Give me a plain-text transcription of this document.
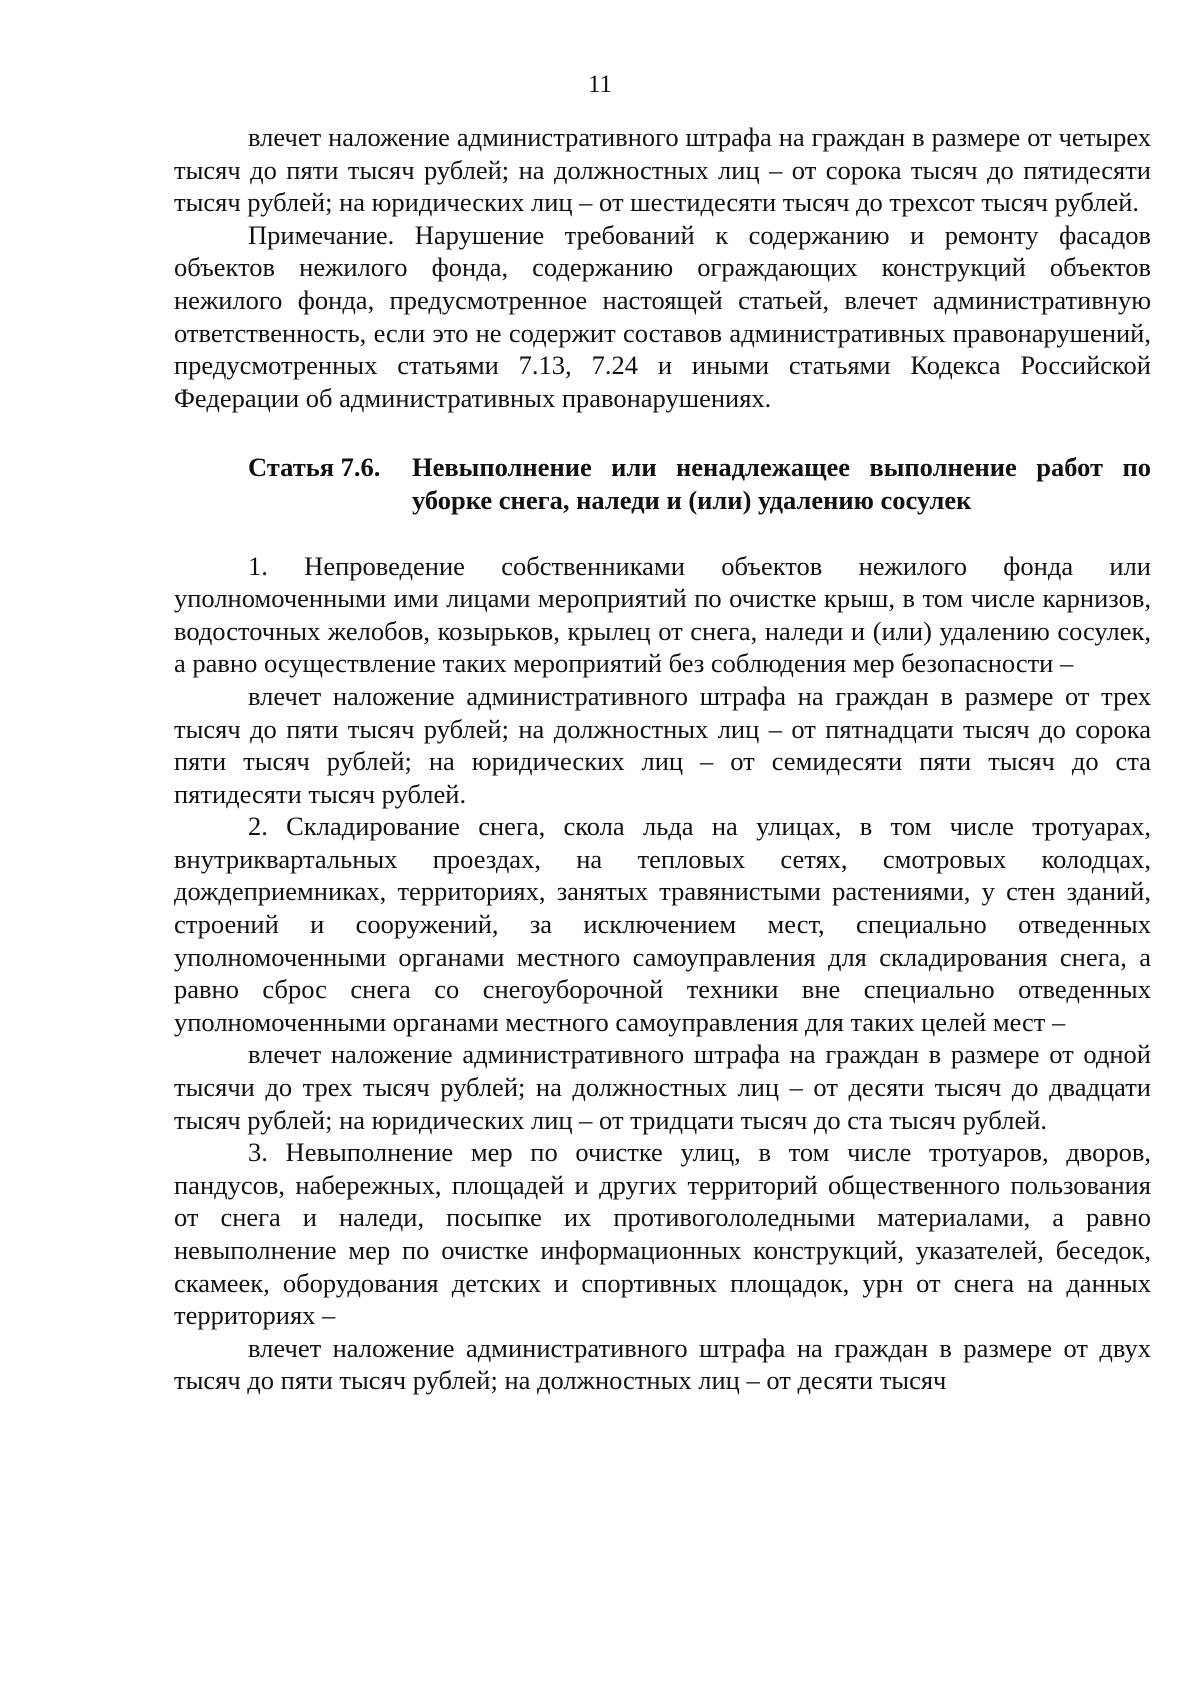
11

влечет наложение административного штрафа на граждан в размере от четырех тысяч до пяти тысяч рублей; на должностных лиц – от сорока тысяч до пятидесяти тысяч рублей; на юридических лиц – от шестидесяти тысяч до трехсот тысяч рублей.

Примечание. Нарушение требований к содержанию и ремонту фасадов объектов нежилого фонда, содержанию ограждающих конструкций объектов нежилого фонда, предусмотренное настоящей статьей, влечет административную ответственность, если это не содержит составов административных правонарушений, предусмотренных статьями 7.13, 7.24 и иными статьями Кодекса Российской Федерации об административных правонарушениях.

Статья 7.6.	Невыполнение или ненадлежащее выполнение работ по уборке снега, наледи и (или) удалению сосулек

1. Непроведение собственниками объектов нежилого фонда или уполномоченными ими лицами мероприятий по очистке крыш, в том числе карнизов, водосточных желобов, козырьков, крылец от снега, наледи и (или) удалению сосулек, а равно осуществление таких мероприятий без соблюдения мер безопасности –

влечет наложение административного штрафа на граждан в размере от трех тысяч до пяти тысяч рублей; на должностных лиц – от пятнадцати тысяч до сорока пяти тысяч рублей; на юридических лиц – от семидесяти пяти тысяч до ста пятидесяти тысяч рублей.

2. Складирование снега, скола льда на улицах, в том числе тротуарах, внутриквартальных проездах, на тепловых сетях, смотровых колодцах, дождеприемниках, территориях, занятых травянистыми растениями, у стен зданий, строений и сооружений, за исключением мест, специально отведенных уполномоченными органами местного самоуправления для складирования снега, а равно сброс снега со снегоуборочной техники вне специально отведенных уполномоченными органами местного самоуправления для таких целей мест –

влечет наложение административного штрафа на граждан в размере от одной тысячи до трех тысяч рублей; на должностных лиц – от десяти тысяч до двадцати тысяч рублей; на юридических лиц – от тридцати тысяч до ста тысяч рублей.

3. Невыполнение мер по очистке улиц, в том числе тротуаров, дворов, пандусов, набережных, площадей и других территорий общественного пользования от снега и наледи, посыпке их противогололедными материалами, а равно невыполнение мер по очистке информационных конструкций, указателей, беседок, скамеек, оборудования детских и спортивных площадок, урн от снега на данных территориях –

влечет наложение административного штрафа на граждан в размере от двух тысяч до пяти тысяч рублей; на должностных лиц – от десяти тысяч
